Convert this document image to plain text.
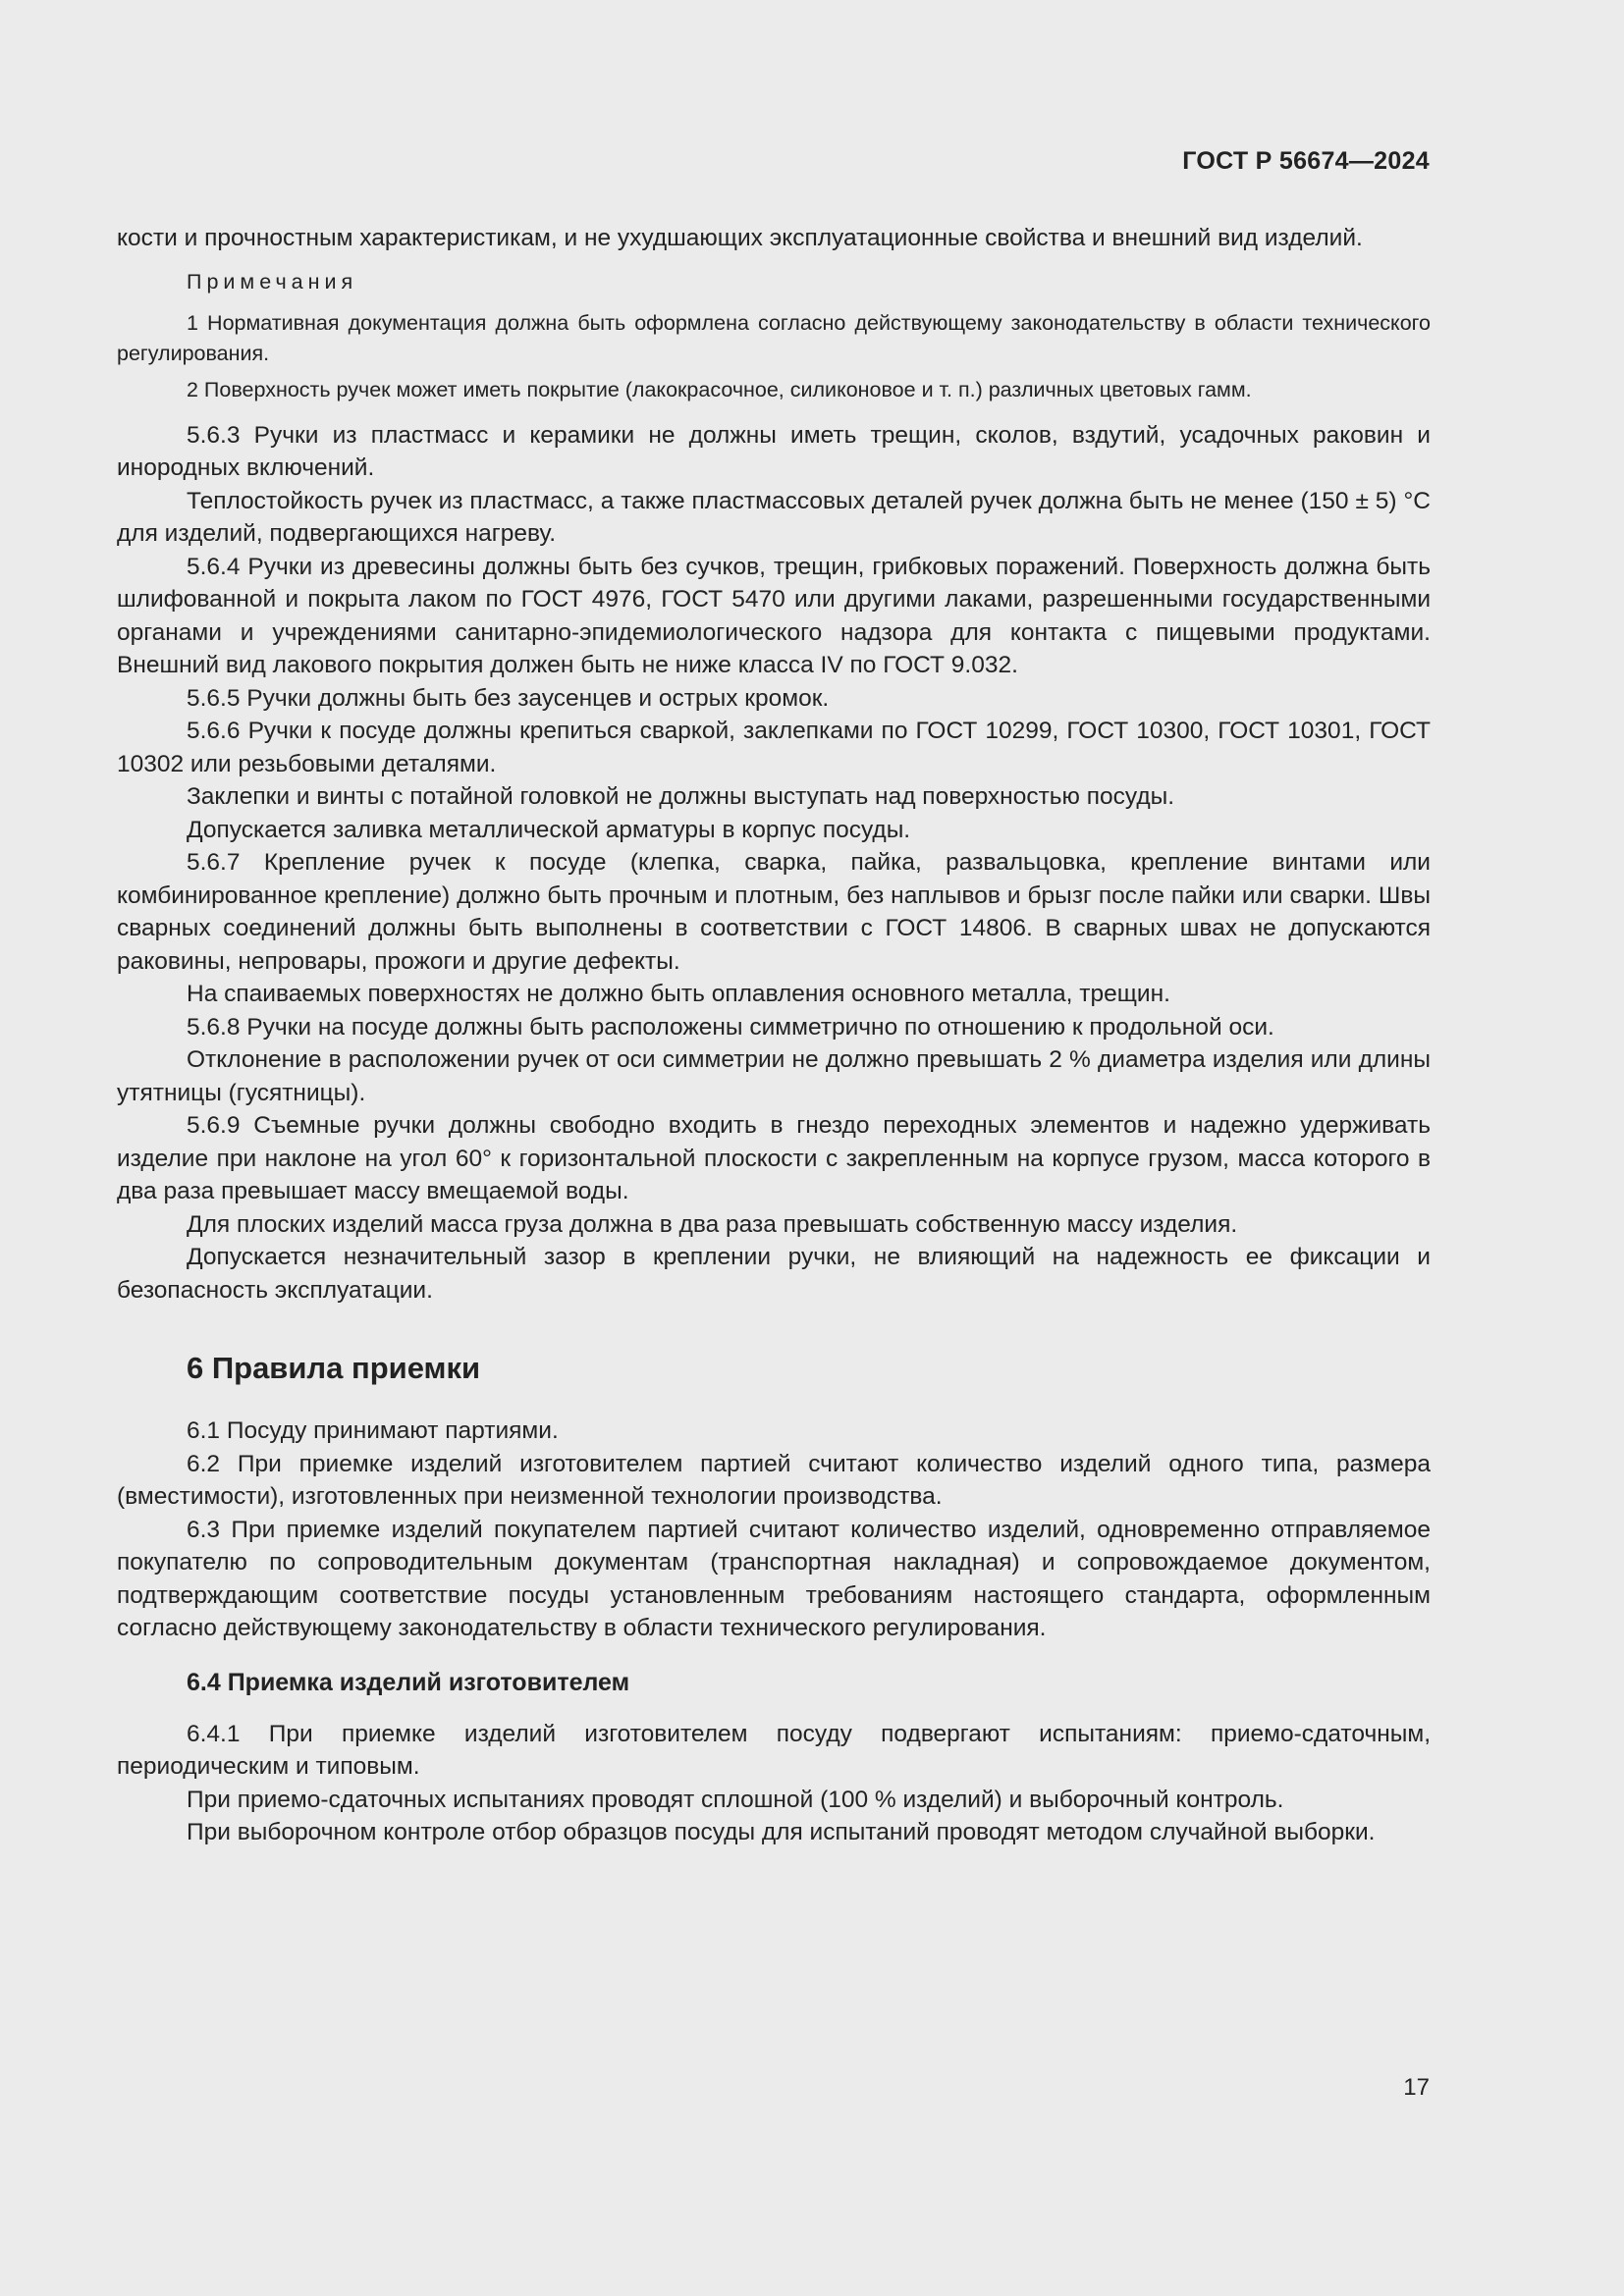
ГОСТ Р 56674—2024

кости и прочностным характеристикам, и не ухудшающих эксплуатационные свойства и внешний вид изделий.

Примечания

1 Нормативная документация должна быть оформлена согласно действующему законодательству в области технического регулирования.

2 Поверхность ручек может иметь покрытие (лакокрасочное, силиконовое и т. п.) различных цветовых гамм.

5.6.3 Ручки из пластмасс и керамики не должны иметь трещин, сколов, вздутий, усадочных раковин и инородных включений.

Теплостойкость ручек из пластмасс, а также пластмассовых деталей ручек должна быть не менее (150 ± 5) °С для изделий, подвергающихся нагреву.

5.6.4 Ручки из древесины должны быть без сучков, трещин, грибковых поражений. Поверхность должна быть шлифованной и покрыта лаком по ГОСТ 4976, ГОСТ 5470 или другими лаками, разрешенными государственными органами и учреждениями санитарно-эпидемиологического надзора для контакта с пищевыми продуктами. Внешний вид лакового покрытия должен быть не ниже класса IV по ГОСТ 9.032.

5.6.5 Ручки должны быть без заусенцев и острых кромок.

5.6.6 Ручки к посуде должны крепиться сваркой, заклепками по ГОСТ 10299, ГОСТ 10300, ГОСТ 10301, ГОСТ 10302 или резьбовыми деталями.

Заклепки и винты с потайной головкой не должны выступать над поверхностью посуды.

Допускается заливка металлической арматуры в корпус посуды.

5.6.7 Крепление ручек к посуде (клепка, сварка, пайка, развальцовка, крепление винтами или комбинированное крепление) должно быть прочным и плотным, без наплывов и брызг после пайки или сварки. Швы сварных соединений должны быть выполнены в соответствии с ГОСТ 14806. В сварных швах не допускаются раковины, непровары, прожоги и другие дефекты.

На спаиваемых поверхностях не должно быть оплавления основного металла, трещин.

5.6.8 Ручки на посуде должны быть расположены симметрично по отношению к продольной оси.

Отклонение в расположении ручек от оси симметрии не должно превышать 2 % диаметра изделия или длины утятницы (гусятницы).

5.6.9 Съемные ручки должны свободно входить в гнездо переходных элементов и надежно удерживать изделие при наклоне на угол 60° к горизонтальной плоскости с закрепленным на корпусе грузом, масса которого в два раза превышает массу вмещаемой воды.

Для плоских изделий масса груза должна в два раза превышать собственную массу изделия.

Допускается незначительный зазор в креплении ручки, не влияющий на надежность ее фиксации и безопасность эксплуатации.

6 Правила приемки

6.1 Посуду принимают партиями.

6.2 При приемке изделий изготовителем партией считают количество изделий одного типа, размера (вместимости), изготовленных при неизменной технологии производства.

6.3 При приемке изделий покупателем партией считают количество изделий, одновременно отправляемое покупателю по сопроводительным документам (транспортная накладная) и сопровождаемое документом, подтверждающим соответствие посуды установленным требованиям настоящего стандарта, оформленным согласно действующему законодательству в области технического регулирования.

6.4 Приемка изделий изготовителем

6.4.1 При приемке изделий изготовителем посуду подвергают испытаниям: приемо-сдаточным, периодическим и типовым.

При приемо-сдаточных испытаниях проводят сплошной (100 % изделий) и выборочный контроль.

При выборочном контроле отбор образцов посуды для испытаний проводят методом случайной выборки.

17
